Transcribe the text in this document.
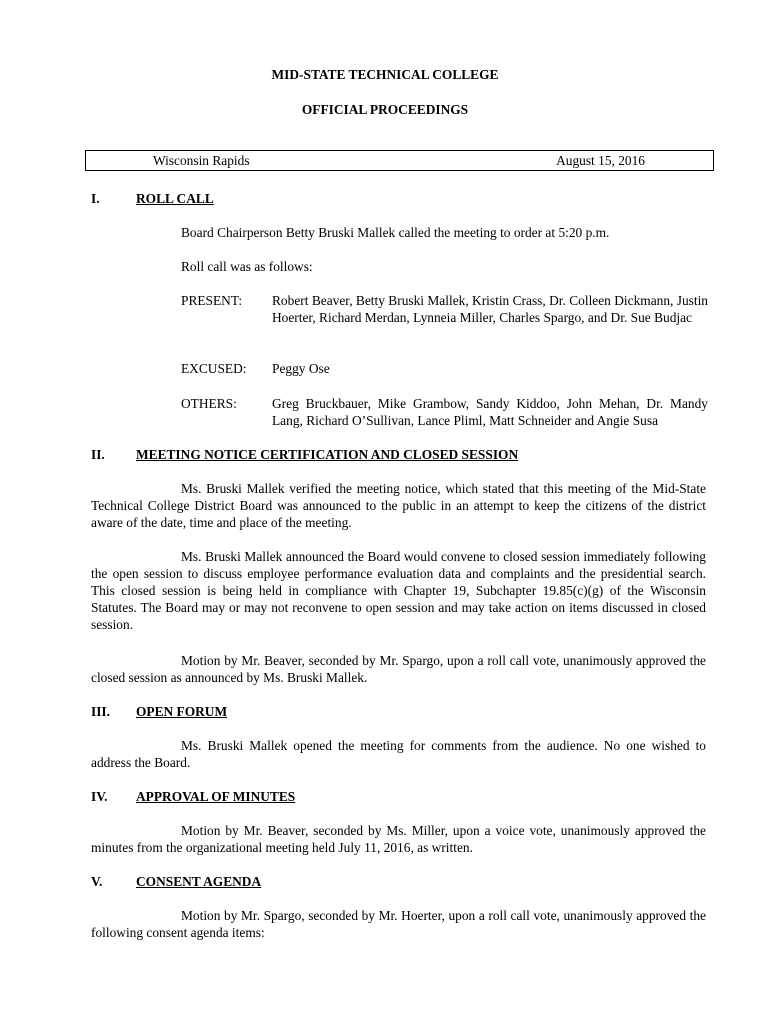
MID-STATE TECHNICAL COLLEGE
OFFICIAL PROCEEDINGS
Wisconsin Rapids	August 15, 2016
I.	ROLL CALL
Board Chairperson Betty Bruski Mallek called the meeting to order at 5:20 p.m.
Roll call was as follows:
PRESENT: Robert Beaver, Betty Bruski Mallek, Kristin Crass, Dr. Colleen Dickmann, Justin Hoerter, Richard Merdan, Lynneia Miller, Charles Spargo, and Dr. Sue Budjac
EXCUSED: Peggy Ose
OTHERS:	Greg Bruckbauer, Mike Grambow, Sandy Kiddoo, John Mehan, Dr. Mandy Lang, Richard O’Sullivan, Lance Pliml, Matt Schneider and Angie Susa
II. MEETING NOTICE CERTIFICATION AND CLOSED SESSION
Ms. Bruski Mallek verified the meeting notice, which stated that this meeting of the Mid-State Technical College District Board was announced to the public in an attempt to keep the citizens of the district aware of the date, time and place of the meeting.
Ms. Bruski Mallek announced the Board would convene to closed session immediately following the open session to discuss employee performance evaluation data and complaints and the presidential search. This closed session is being held in compliance with Chapter 19, Subchapter 19.85(c)(g) of the Wisconsin Statutes. The Board may or may not reconvene to open session and may take action on items discussed in closed session.
Motion by Mr. Beaver, seconded by Mr. Spargo, upon a roll call vote, unanimously approved the closed session as announced by Ms. Bruski Mallek.
III. OPEN FORUM
Ms. Bruski Mallek opened the meeting for comments from the audience. No one wished to address the Board.
IV. APPROVAL OF MINUTES
Motion by Mr. Beaver, seconded by Ms. Miller, upon a voice vote, unanimously approved the minutes from the organizational meeting held July 11, 2016, as written.
V.	CONSENT AGENDA
Motion by Mr. Spargo, seconded by Mr. Hoerter, upon a roll call vote, unanimously approved the following consent agenda items:
